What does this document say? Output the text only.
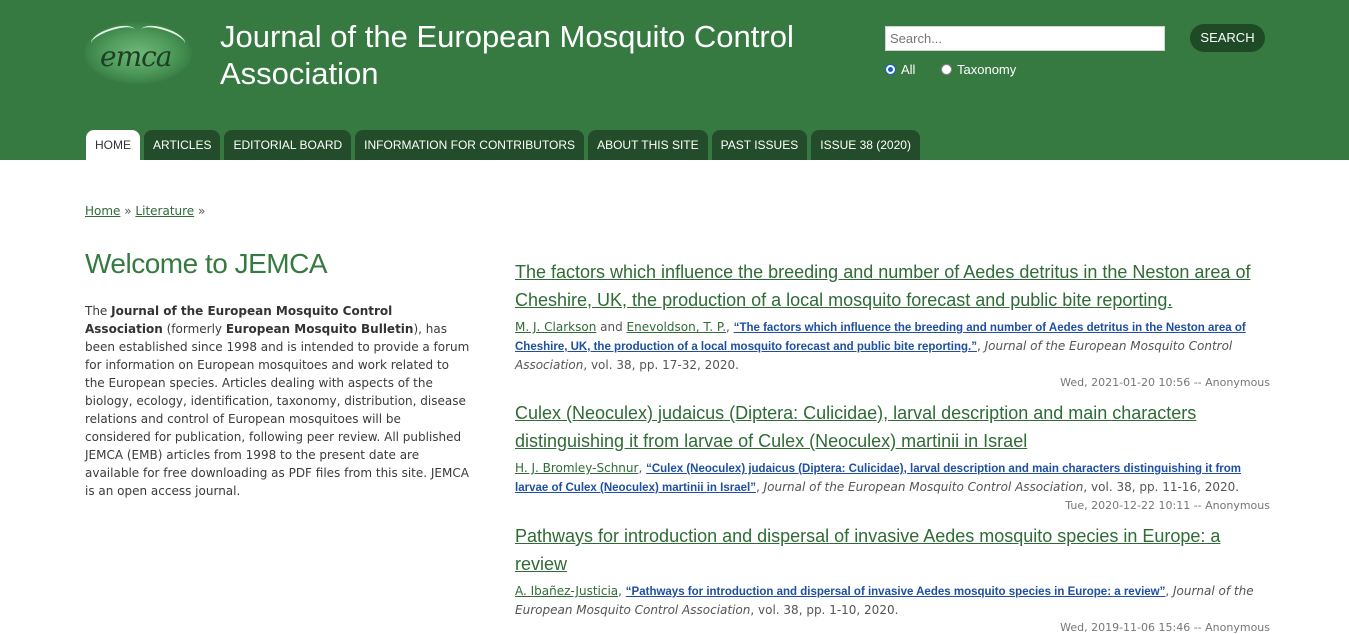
emca
Journal of the European Mosquito Control Association
Search...
SEARCH
All	Taxonomy
HOME	ARTICLES	EDITORIAL BOARD	INFORMATION FOR CONTRIBUTORS	ABOUT THIS SITE	PAST ISSUES	ISSUE 38 (2020)
Home » Literature »
Welcome to JEMCA
The Journal of the European Mosquito Control Association (formerly European Mosquito Bulletin), has been established since 1998 and is intended to provide a forum for information on European mosquitoes and work related to the European species. Articles dealing with aspects of the biology, ecology, identification, taxonomy, distribution, disease relations and control of European mosquitoes will be considered for publication, following peer review. All published JEMCA (EMB) articles from 1998 to the present date are available for free downloading as PDF files from this site. JEMCA is an open access journal.
The factors which influence the breeding and number of Aedes detritus in the Neston area of Cheshire, UK, the production of a local mosquito forecast and public bite reporting.
M. J. Clarkson and Enevoldson, T. P., “The factors which influence the breeding and number of Aedes detritus in the Neston area of Cheshire, UK, the production of a local mosquito forecast and public bite reporting.”, Journal of the European Mosquito Control Association, vol. 38, pp. 17-32, 2020.
Wed, 2021-01-20 10:56 -- Anonymous
Culex (Neoculex) judaicus (Diptera: Culicidae), larval description and main characters distinguishing it from larvae of Culex (Neoculex) martinii in Israel
H. J. Bromley-Schnur, “Culex (Neoculex) judaicus (Diptera: Culicidae), larval description and main characters distinguishing it from larvae of Culex (Neoculex) martinii in Israel”, Journal of the European Mosquito Control Association, vol. 38, pp. 11-16, 2020.
Tue, 2020-12-22 10:11 -- Anonymous
Pathways for introduction and dispersal of invasive Aedes mosquito species in Europe: a review
A. Ibañez-Justicia, “Pathways for introduction and dispersal of invasive Aedes mosquito species in Europe: a review”, Journal of the European Mosquito Control Association, vol. 38, pp. 1-10, 2020.
Wed, 2019-11-06 15:46 -- Anonymous
